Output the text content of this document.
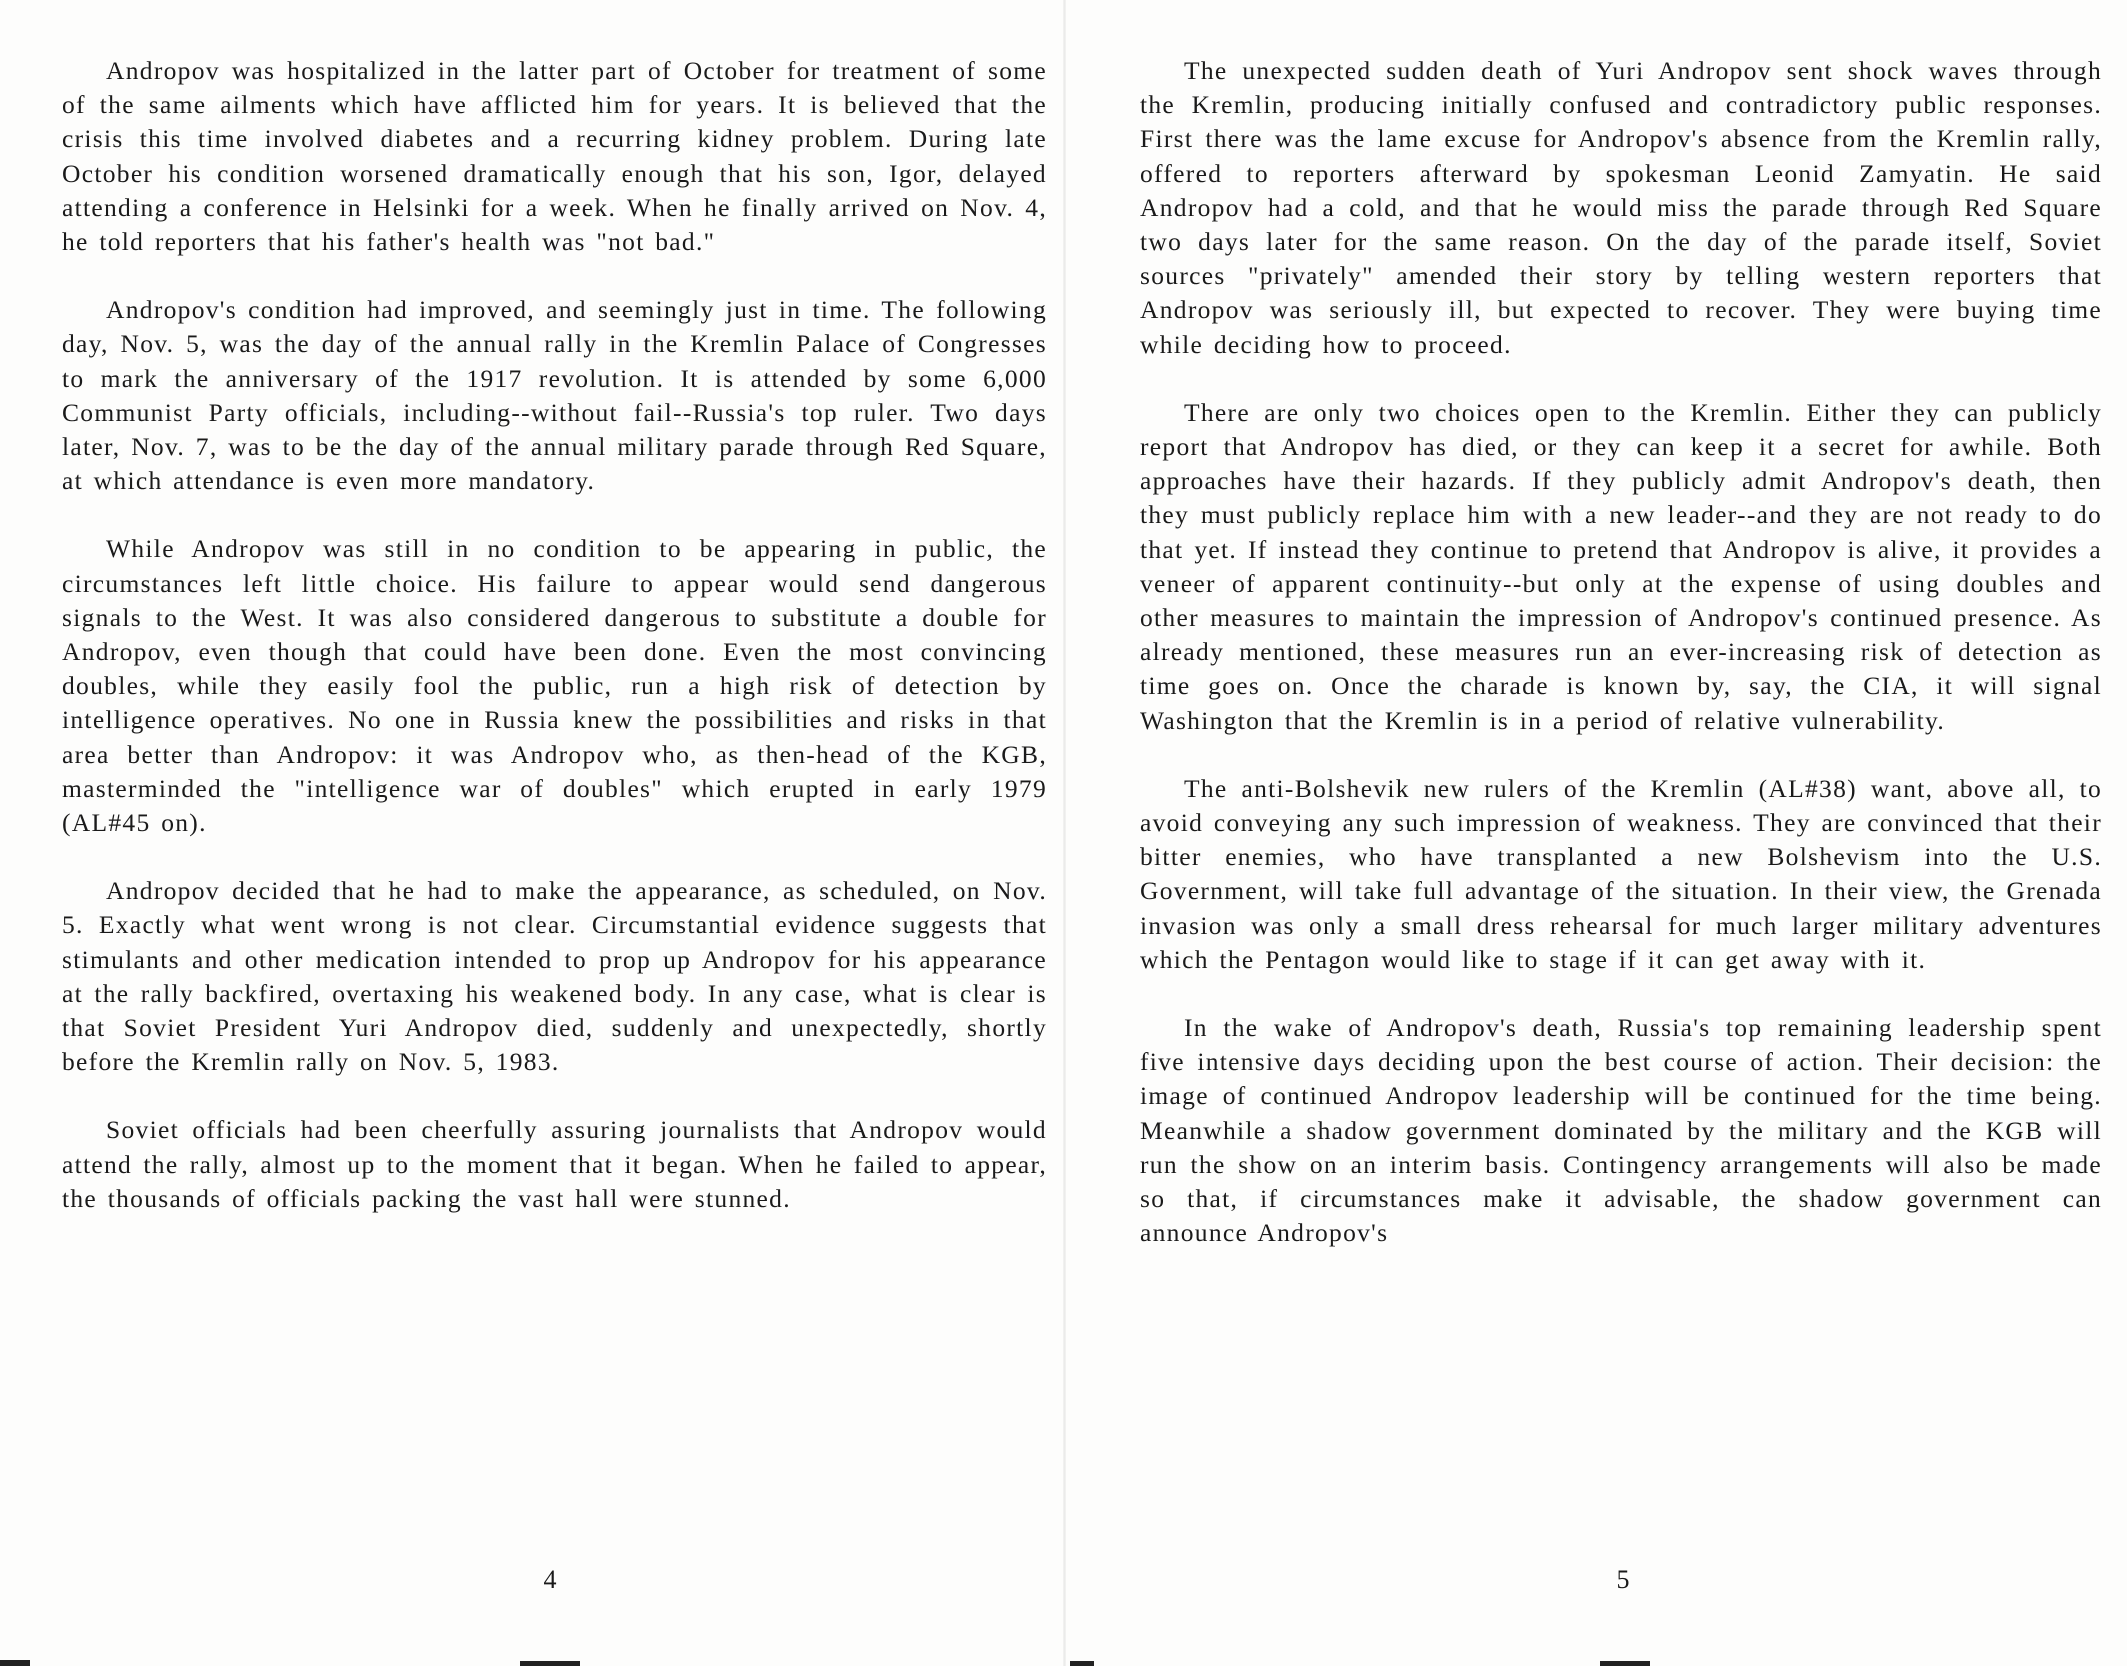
Andropov was hospitalized in the latter part of October for treatment of some of the same ailments which have afflicted him for years. It is believed that the crisis this time involved diabetes and a recurring kidney problem. During late October his condition worsened dramatically enough that his son, Igor, delayed attending a conference in Helsinki for a week. When he finally arrived on Nov. 4, he told reporters that his father's health was "not bad."

Andropov's condition had improved, and seemingly just in time. The following day, Nov. 5, was the day of the annual rally in the Kremlin Palace of Congresses to mark the anniversary of the 1917 revolution. It is attended by some 6,000 Communist Party officials, including--without fail--Russia's top ruler. Two days later, Nov. 7, was to be the day of the annual military parade through Red Square, at which attendance is even more mandatory.

While Andropov was still in no condition to be appearing in public, the circumstances left little choice. His failure to appear would send dangerous signals to the West. It was also considered dangerous to substitute a double for Andropov, even though that could have been done. Even the most convincing doubles, while they easily fool the public, run a high risk of detection by intelligence operatives. No one in Russia knew the possibilities and risks in that area better than Andropov: it was Andropov who, as then-head of the KGB, masterminded the "intelligence war of doubles" which erupted in early 1979 (AL#45 on).

Andropov decided that he had to make the appearance, as scheduled, on Nov. 5. Exactly what went wrong is not clear. Circumstantial evidence suggests that stimulants and other medication intended to prop up Andropov for his appearance at the rally backfired, overtaxing his weakened body. In any case, what is clear is that Soviet President Yuri Andropov died, suddenly and unexpectedly, shortly before the Kremlin rally on Nov. 5, 1983.

Soviet officials had been cheerfully assuring journalists that Andropov would attend the rally, almost up to the moment that it began. When he failed to appear, the thousands of officials packing the vast hall were stunned.

4

The unexpected sudden death of Yuri Andropov sent shock waves through the Kremlin, producing initially confused and contradictory public responses. First there was the lame excuse for Andropov's absence from the Kremlin rally, offered to reporters afterward by spokesman Leonid Zamyatin. He said Andropov had a cold, and that he would miss the parade through Red Square two days later for the same reason. On the day of the parade itself, Soviet sources "privately" amended their story by telling western reporters that Andropov was seriously ill, but expected to recover. They were buying time while deciding how to proceed.

There are only two choices open to the Kremlin. Either they can publicly report that Andropov has died, or they can keep it a secret for awhile. Both approaches have their hazards. If they publicly admit Andropov's death, then they must publicly replace him with a new leader--and they are not ready to do that yet. If instead they continue to pretend that Andropov is alive, it provides a veneer of apparent continuity--but only at the expense of using doubles and other measures to maintain the impression of Andropov's continued presence. As already mentioned, these measures run an ever-increasing risk of detection as time goes on. Once the charade is known by, say, the CIA, it will signal Washington that the Kremlin is in a period of relative vulnerability.

The anti-Bolshevik new rulers of the Kremlin (AL#38) want, above all, to avoid conveying any such impression of weakness. They are convinced that their bitter enemies, who have transplanted a new Bolshevism into the U.S. Government, will take full advantage of the situation. In their view, the Grenada invasion was only a small dress rehearsal for much larger military adventures which the Pentagon would like to stage if it can get away with it.

In the wake of Andropov's death, Russia's top remaining leadership spent five intensive days deciding upon the best course of action. Their decision: the image of continued Andropov leadership will be continued for the time being. Meanwhile a shadow government dominated by the military and the KGB will run the show on an interim basis. Contingency arrangements will also be made so that, if circumstances make it advisable, the shadow government can announce Andropov's

5
